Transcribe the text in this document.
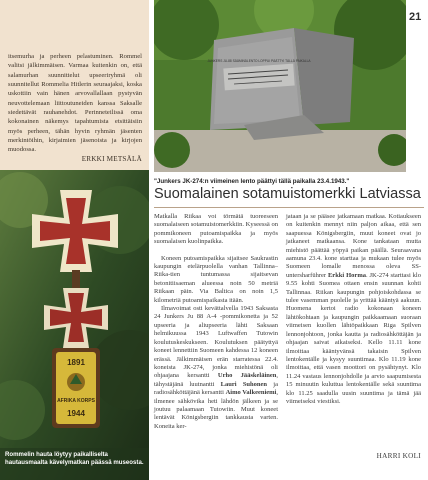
itsemurha ja perheen pelastuminen. Rommel valitsi jälkimmäisen. Varmaa kuitenkin on, että salamurhan suunnittelut upseeriryhmä oli suunnitellut Rommelia Hitlerin seuraajaksi, koska uskottiin vain hänen arvovallallaan pystyvän neuvottelemaan liittoutuneiden kanssa Saksalle siedettävät rauhanehdot. Perinneteilissä oma kokonainen näkemys tapahtumista etsittäisiin myös perheen, tähän hyvin ryhmän jäsenten merkintöihin, kirjaimien jäsenoista ja kirjojen muodossa.
ERKKI METSÄLÄ
1891
AFRIKA KORPS
1944
Rommelin hauta löytyy paikalliselta hautausmaalta kävelymatkan päässä museosta.
JUNKERS JU-88 SÄÄMINÄLENTO LOPPUI PÄÄTTYI TÄLLÄ PAIKALLA
21
"Junkers JK-274:n viimeinen lento päättyi tällä paikalla 23.4.1943."
Suomalainen sotamuistomerkki Latviassa

Matkalla Riikaa voi törmätä tuoreeseen suomalaiseen sotamuistomerkkiin. Kyseessä on pommikoneen putoamispaikka ja myös suomalaisen kuolinpaikka.

Koneen putoamispaikka sijaitsee Saukrastin kaupungin etelärpuolella vanhan Tallinna–Riika-tien tuntumassa sijaitsevan betonitiisaeman alueessa noin 50 metriä Riikaan päin. Via Baltica on noin 1,5 kilometriä putoamispaikasta itään.

Ilmavoimat osti kevättalvella 1943 Saksasta 24 Junkers Ju 88 A-4 -pommikonetta ja 52 upseeria ja aliupseeria lähti Saksaan helmikuussa 1943 Luftwaffen Tutowin koulutuskeskukseen. Koulutuksen päätyttyä koneet lennettiin Suomeen kahdessa 12 koneen erässä. Jälkimmäisen erän starratessa 22.4. koneista JK-274, jonka miehistönä oli ohjaajana kersantti Urho Jääskeläinen, tähystäjänä luutnantti Lauri Suhonen ja radiosähköttäjänä kersantti Aimo Valkeeniemi, ilmenee sähkövika heti lähdön jälkeen ja se joutuu palaamaan Tutowiin. Muut koneet lentävät Königsbergiin tankkausta varten. Koneita ker-

jataan ja se pääsee jatkamaan matkaa. Kotiaukseen on kuitenkin mennyt niin paljon aikaa, että sen saapuessa Königsbergiin, muut koneet ovat jo jatkaneet matkaansa. Kone tankataan mutta miehistö päättää yöpyä paikan päällä. Seuraavana aamuna 23.4. kone starttaa ja mukaan tulee myös Suomeen lomalle menossa oleva SS-untersharführer Erkki Horma. JK-274 starttasi klo 9.55 kohti Suomea ottaen ensin suunnan kohti Tallinnaa. Riikan kaupungin pohjoiskohdassa se tulee vasemman puolelle ja yrittää kääntyä aakuun. Huomena kertoi radio kokonaan koneen lähtökohtaan ja kaupungin paikkaamaan suoraan viimeisen kuollen lähtöpaikkaan Riga Spilven lennonjohtoon, jonka kautta ja radiosähköttäjän ja ohjaajan saivat aikaiseksi. Kello 11.11 kone ilmoittaa kääntyvänsä takaisin Spilven lentokentälle ja kysyy suuntimaa. Klo 11.19 kone ilmoittaa, että vasen moottori on pysähtynyt. Klo 11.24 vastaus lennonjohdolle ja arvio saapumisesta 15 minuutin kuluttua lentokentälle sekä suuntima klo 11.25 saadulla uusin suuntima ja tämä jää viimeiseksi viestiksi.

HARRI KOLI
